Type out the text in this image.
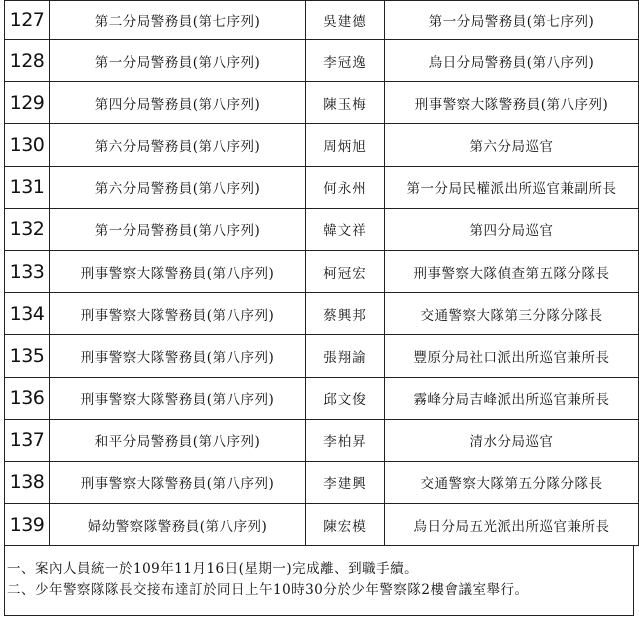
127	第二分局警務員(第七序列)	吳建德	第一分局警務員(第七序列)
128	第一分局警務員(第八序列)	李冠逸	烏日分局警務員(第八序列)
129	第四分局警務員(第八序列)	陳玉梅	刑事警察大隊警務員(第八序列)
130	第六分局警務員(第八序列)	周炳旭	第六分局巡官
131	第六分局警務員(第八序列)	何永州	第一分局民權派出所巡官兼副所長
132	第一分局警務員(第八序列)	韓文祥	第四分局巡官
133	刑事警察大隊警務員(第八序列)	柯冠宏	刑事警察大隊偵查第五隊分隊長
134	刑事警察大隊警務員(第八序列)	蔡興邦	交通警察大隊第三分隊分隊長
135	刑事警察大隊警務員(第八序列)	張翔諭	豐原分局社口派出所巡官兼所長
136	刑事警察大隊警務員(第八序列)	邱文俊	霧峰分局吉峰派出所巡官兼所長
137	和平分局警務員(第八序列)	李柏昇	清水分局巡官
138	刑事警察大隊警務員(第八序列)	李建興	交通警察大隊第五分隊分隊長
139	婦幼警察隊警務員(第八序列)	陳宏模	烏日分局五光派出所巡官兼所長
一、案內人員統一於109年11月16日(星期一)完成離、到職手續。
二、少年警察隊隊長交接布達訂於同日上午10時30分於少年警察隊2樓會議室舉行。
